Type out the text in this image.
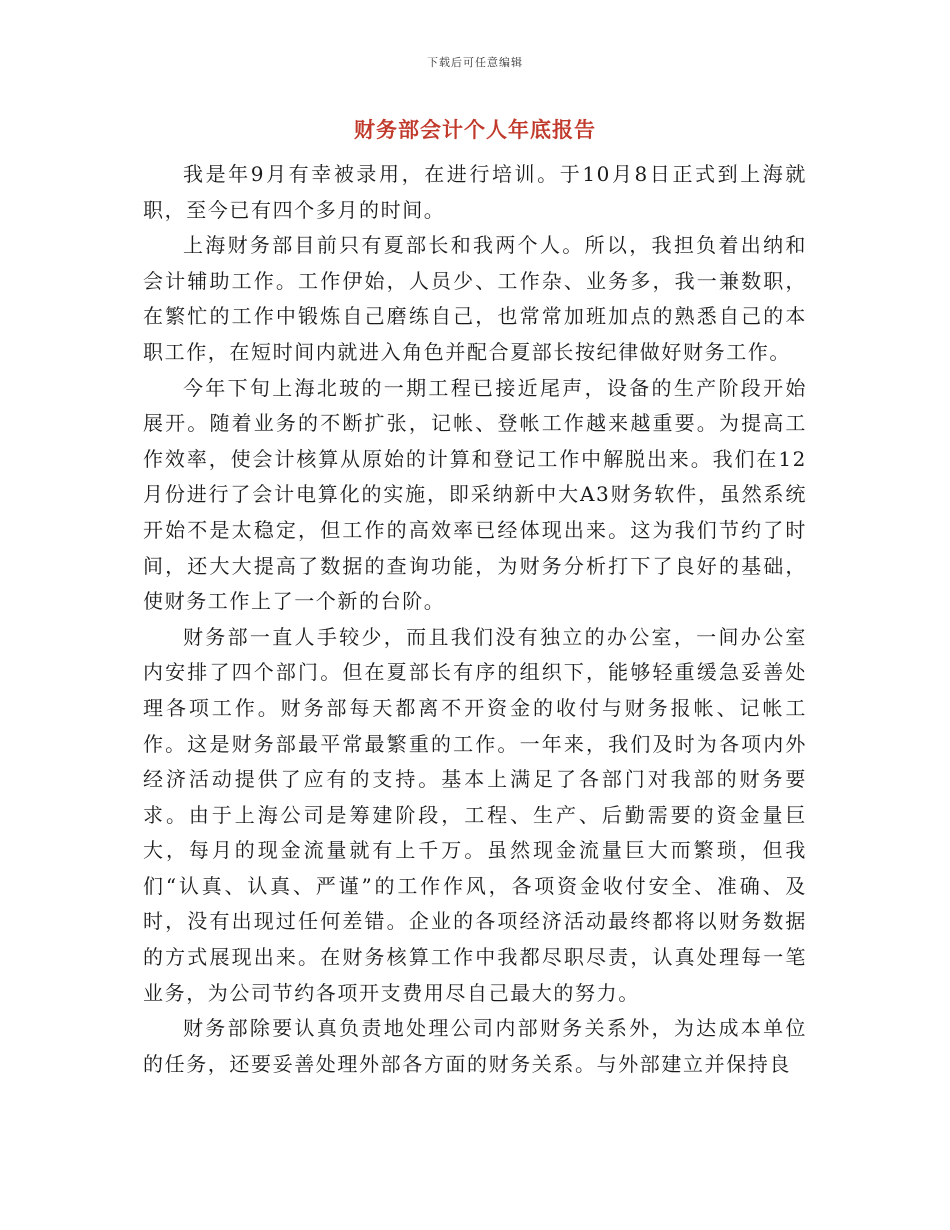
下载后可任意编辑
财务部会计个人年底报告

我是年9月有幸被录用，在进行培训。于10月8日正式到上海就职，至今已有四个多月的时间。

上海财务部目前只有夏部长和我两个人。所以，我担负着出纳和会计辅助工作。工作伊始，人员少、工作杂、业务多，我一兼数职，在繁忙的工作中锻炼自己磨练自己，也常常加班加点的熟悉自己的本职工作，在短时间内就进入角色并配合夏部长按纪律做好财务工作。

今年下旬上海北玻的一期工程已接近尾声，设备的生产阶段开始展开。随着业务的不断扩张，记帐、登帐工作越来越重要。为提高工作效率，使会计核算从原始的计算和登记工作中解脱出来。我们在12月份进行了会计电算化的实施，即采纳新中大A3财务软件，虽然系统开始不是太稳定，但工作的高效率已经体现出来。这为我们节约了时间，还大大提高了数据的查询功能，为财务分析打下了良好的基础，使财务工作上了一个新的台阶。

财务部一直人手较少，而且我们没有独立的办公室，一间办公室内安排了四个部门。但在夏部长有序的组织下，能够轻重缓急妥善处理各项工作。财务部每天都离不开资金的收付与财务报帐、记帐工作。这是财务部最平常最繁重的工作。一年来，我们及时为各项内外经济活动提供了应有的支持。基本上满足了各部门对我部的财务要求。由于上海公司是筹建阶段，工程、生产、后勤需要的资金量巨大，每月的现金流量就有上千万。虽然现金流量巨大而繁琐，但我们“认真、认真、严谨”的工作作风，各项资金收付安全、准确、及时，没有出现过任何差错。企业的各项经济活动最终都将以财务数据的方式展现出来。在财务核算工作中我都尽职尽责，认真处理每一笔业务，为公司节约各项开支费用尽自己最大的努力。

财务部除要认真负责地处理公司内部财务关系外，为达成本单位的任务，还要妥善处理外部各方面的财务关系。与外部建立并保持良
